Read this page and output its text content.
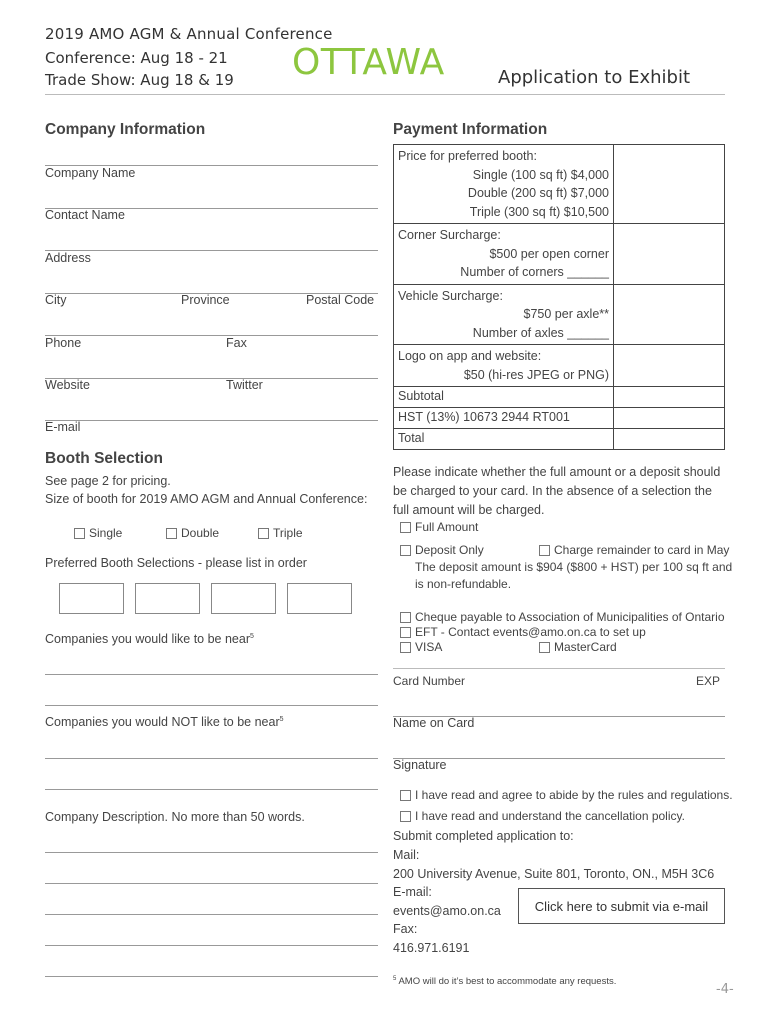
2019 AMO AGM & Annual Conference
Conference: Aug 18 - 21
Trade Show: Aug 18 & 19 OTTAWA	Application to Exhibit
Company Information
Company Name
Contact Name
Address
City	Province	Postal Code
Phone	Fax
Website	Twitter
E-mail
Booth Selection
See page 2 for pricing.
Size of booth for 2019 AMO AGM and Annual Conference:
Single	Double	Triple
Preferred Booth Selections - please list in order
Companies you would like to be near$^5$
Companies you would NOT like to be near$^5$
Company Description. No more than 50 words.
Payment Information
Price for preferred booth:
Single (100 sq ft) $4,000
Double (200 sq ft) $7,000
Triple (300 sq ft) $10,500	

Corner Surcharge:
$500 per open corner
Number of corners ______	

Vehicle Surcharge:
$750 per axle**
Number of axles ______	

Logo on app and website:
$50 (hi-res JPEG or PNG)	

Subtotal	
HST (13%) 10673 2944 RT001	
Total	
Please indicate whether the full amount or a deposit should be charged to your card. In the absence of a selection the full amount will be charged.
Full Amount
Deposit Only	Charge remainder to card in May
The deposit amount is $904 ($800 + HST) per 100 sq ft and
is non-refundable.
Cheque payable to Association of Municipalities of Ontario
EFT - Contact events@amo.on.ca to set up
VISA	MasterCard
Card Number	EXP
Name on Card
Signature
I have read and agree to abide by the rules and regulations.
I have read and understand the cancellation policy.
Submit completed application to:
Mail:
200 University Avenue, Suite 801, Toronto, ON., M5H 3C6
E-mail:
events@amo.on.ca
Fax:
416.971.6191
Click here to submit via e-mail
$^5$ AMO will do it’s best to accommodate any requests.
-4-
